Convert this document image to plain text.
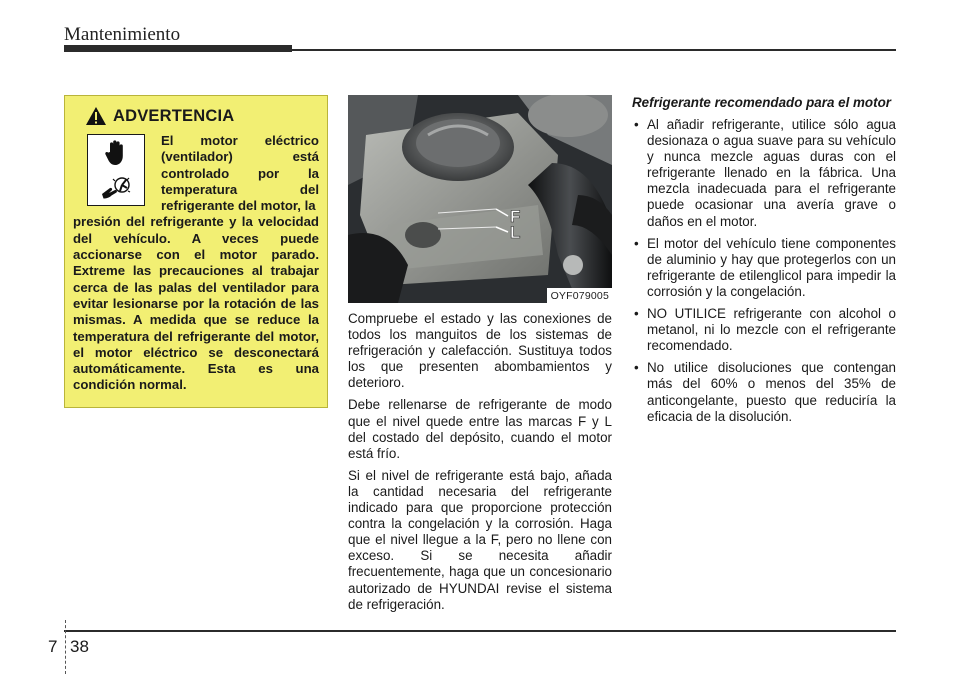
Mantenimiento
ADVERTENCIA

El motor eléctrico (ventilador) está controlado por la temperatura del refrigerante del motor, la

presión del refrigerante y la velocidad del vehículo. A veces puede accionarse con el motor parado. Extreme las precauciones al trabajar cerca de las palas del ventilador para evitar lesionarse por la rotación de las mismas. A medida que se reduce la temperatura del refrigerante del motor, el motor eléctrico se desconectará automáticamente. Esta es una condición normal.

F
L
OYF079005

Compruebe el estado y las conexiones de todos los manguitos de los sistemas de refrigeración y calefacción. Sustituya todos los que presenten abombamientos y deterioro.

Debe rellenarse de refrigerante de modo que el nivel quede entre las marcas F y L del costado del depósito, cuando el motor está frío.

Si el nivel de refrigerante está bajo, añada la cantidad necesaria del refrigerante indicado para que proporcione protección contra la congelación y la corrosión. Haga que el nivel llegue a la F, pero no llene con exceso. Si se necesita añadir frecuentemente, haga que un concesionario autorizado de HYUNDAI revise el sistema de refrigeración.

Refrigerante recomendado para el motor

• Al añadir refrigerante, utilice sólo agua desionaza o agua suave para su vehículo y nunca mezcle aguas duras con el refrigerante llenado en la fábrica. Una mezcla inadecuada para el refrigerante puede ocasionar una avería grave o daños en el motor.
• El motor del vehículo tiene componentes de aluminio y hay que protegerlos con un refrigerante de etilenglicol para impedir la corrosión y la congelación.
• NO UTILICE refrigerante con alcohol o metanol, ni lo mezcle con el refrigerante recomendado.
• No utilice disoluciones que contengan más del 60% o menos del 35% de anticongelante, puesto que reduciría la eficacia de la disolución.
7 38
